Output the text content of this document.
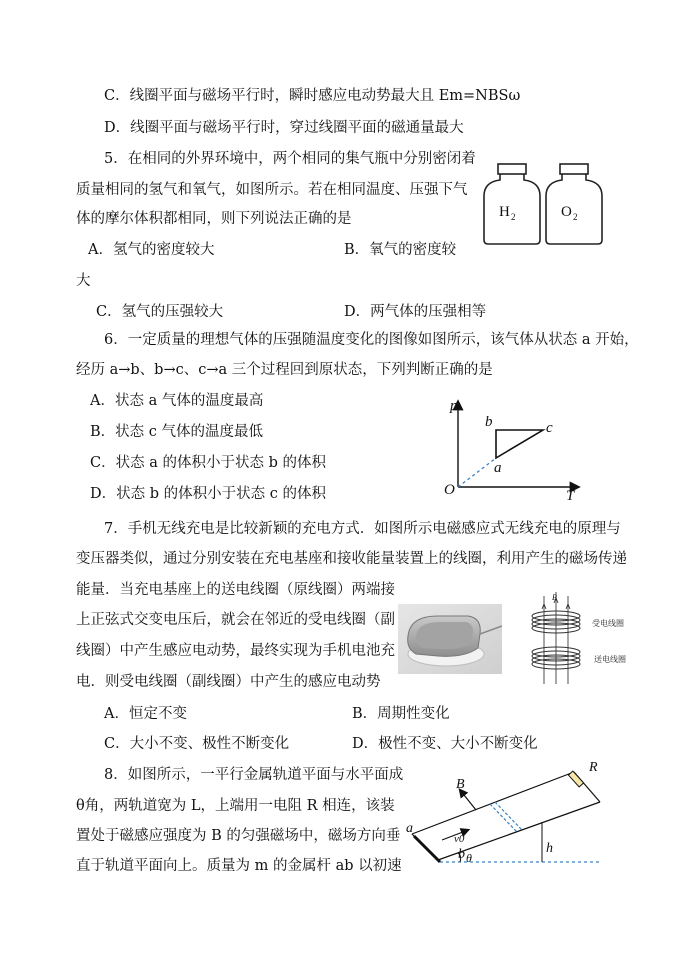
C．线圈平面与磁场平行时，瞬时感应电动势最大且 Em=NBSω
D．线圈平面与磁场平行时，穿过线圈平面的磁通量最大
5．在相同的外界环境中，两个相同的集气瓶中分别密闭着
质量相同的氢气和氧气，如图所示。若在相同温度、压强下气
体的摩尔体积都相同，则下列说法正确的是
A．氢气的密度较大	B．氧气的密度较
大
C．氢气的压强较大	D．两气体的压强相等
H 2	O 2
6．一定质量的理想气体的压强随温度变化的图像如图所示，该气体从状态 a 开始，
经历 a→b、b→c、c→a 三个过程回到原状态，下列判断正确的是
A．状态 a 气体的温度最高
B．状态 c 气体的温度最低
C．状态 a 的体积小于状态 b 的体积
D．状态 b 的体积小于状态 c 的体积
p
T
O
a
b	c
7．手机无线充电是比较新颖的充电方式．如图所示电磁感应式无线充电的原理与
变压器类似，通过分别安装在充电基座和接收能量装置上的线圈，利用产生的磁场传递
能量．当充电基座上的送电线圈（原线圈）两端接
上正弦式交变电压后，就会在邻近的受电线圈（副
线圈）中产生感应电动势，最终实现为手机电池充
电．则受电线圈（副线圈）中产生的感应电动势
A．恒定不变	B．周期性变化
C．大小不变、极性不断变化	D．极性不变、大小不断变化
B
受电线圈
送电线圈
8．如图所示，一平行金属轨道平面与水平面成
θ角，两轨道宽为 L，上端用一电阻 R 相连，该装
置处于磁感应强度为 B 的匀强磁场中，磁场方向垂
直于轨道平面向上。质量为 m 的金属杆 ab 以初速
B
R
a
b
v0
h
θ
